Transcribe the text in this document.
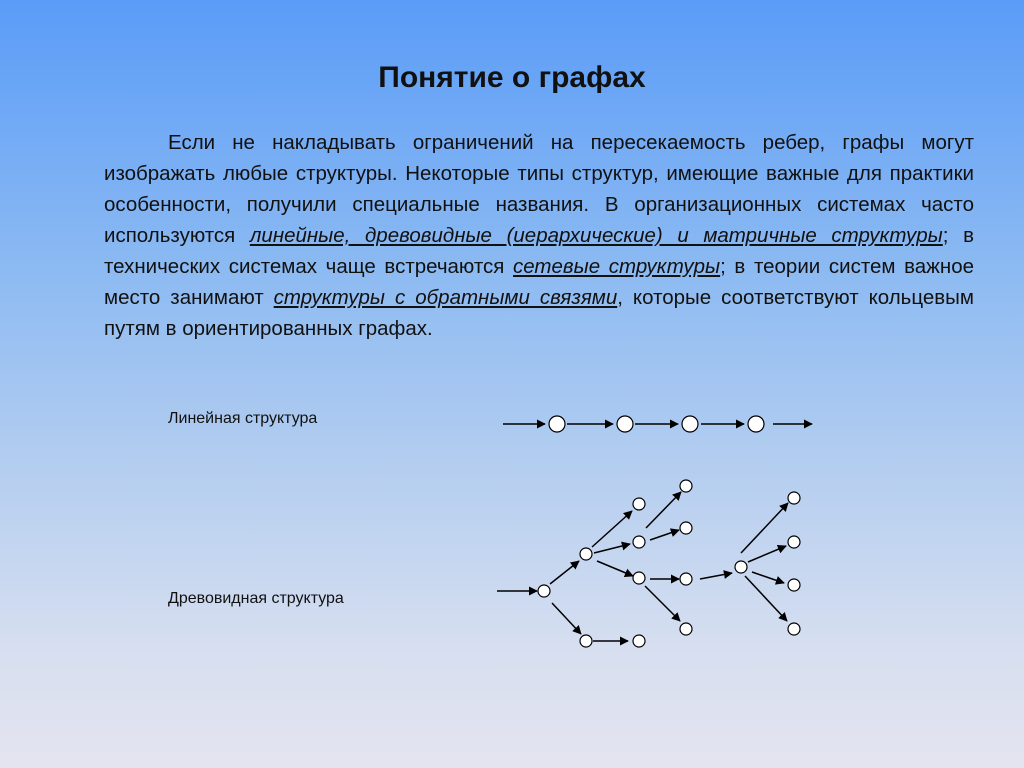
Понятие о графах
Если не накладывать ограничений на пересекаемость ребер, графы могут изображать любые структуры. Некоторые типы структур, имеющие важные для практики особенности, получили специальные названия. В организационных системах часто используются линейные, древовидные (иерархические) и матричные структуры; в технических системах чаще встречаются сетевые структуры; в теории систем важное место занимают структуры с обратными связями, которые соответствуют кольцевым путям в ориентированных графах.
Линейная структура
Древовидная структура
